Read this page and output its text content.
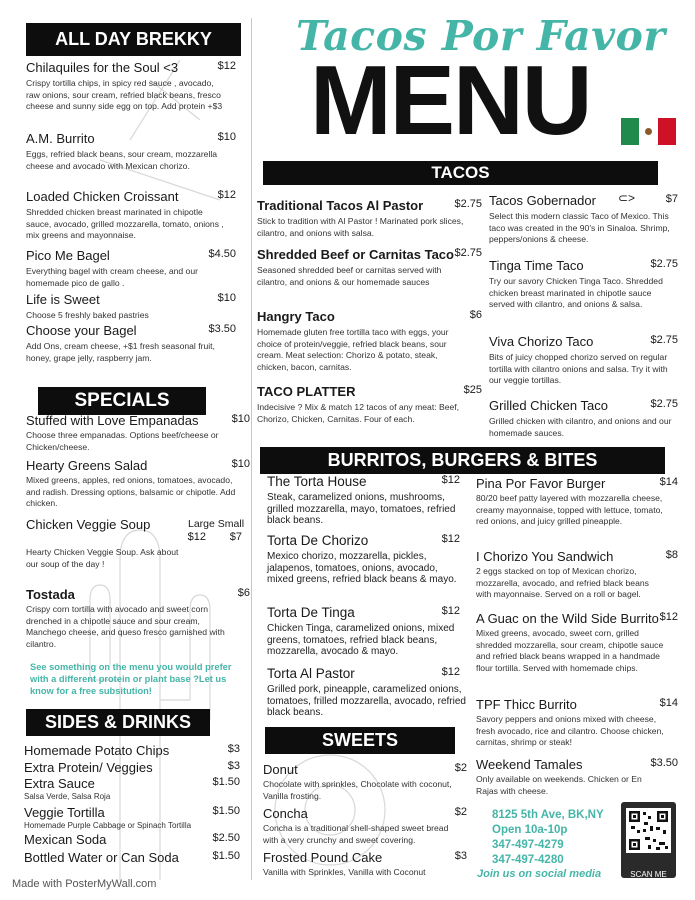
ALL DAY BREKKY
SPECIALS
See something on the menu you would prefer with a different protein or plant base ?Let us know for a free subsitution!
SIDES & DRINKS
Made with PosterMyWall.com
Tacos Por Favor
MENU
TACOS
BURRITOS, BURGERS & BITES
SWEETS
8125 5th Ave, BK,NY
Open 10a-10p
347-497-4279
347-497-4280
Join us on social media	SCAN ME
Chilaquiles for the Soul <3	$12
Crispy tortilla chips, in spicy red sauce , avocado, raw onions, sour cream, refried black beans, fresco cheese and sunny side egg on top. Add protein +$3
A.M. Burrito	$10
Eggs, refried black beans, sour cream, mozzarella cheese and avocado with Mexican chorizo.
Loaded Chicken Croissant	$12
Shredded chicken breast marinated in chipotle sauce, avocado, grilled mozzarella, tomato, onions , mix greens and mayonnaise.
Pico Me Bagel	$4.50
Everything bagel with cream cheese, and our homemade pico de gallo .
Life is Sweet	$10
Choose 5 freshly baked pastries
Choose your Bagel	$3.50
Add Ons, cream cheese, +$1 fresh seasonal fruit, honey, grape jelly, raspberry jam.
Stuffed with Love Empanadas	$10
Choose three empanadas. Options beef/cheese or Chicken/cheese.
Hearty Greens Salad	$10
Mixed greens, apples, red onions, tomatoes, avocado, and radish. Dressing options, balsamic or chipotle. Add chicken.
Chicken Veggie Soup
Hearty Chicken Veggie Soup. Ask about our soup of the day !
Tostada	$6
Crispy corn tortilla with avocado and sweet corn drenched in a chipotle sauce and sour cream, Manchego cheese, and queso fresco garnished with cilantro.
Large Small
$12	$7
Homemade Potato Chips	$3
Extra Protein/ Veggies	$3
Extra Sauce	$1.50
Salsa Verde, Salsa Roja
Veggie Tortilla	$1.50
Homemade Purple Cabbage or Spinach Tortilla
Mexican Soda	$2.50
Bottled Water or Can Soda	$1.50
Traditional Tacos Al Pastor	$2.75
Stick to tradition with Al Pastor ! Marinated pork slices, cilantro, and onions with salsa.
Shredded Beef or Carnitas Taco $2.75
Seasoned shredded beef or carnitas served with cilantro, and onions & our homemade sauces
Hangry Taco	$6
Homemade gluten free tortilla taco with eggs, your choice of protein/veggie, refried black beans, sour cream. Meat selection: Chorizo & potato, steak, chicken, bacon, carnitas.
TACO PLATTER	$25
Indecisive ? Mix & match 12 tacos of any meat: Beef, Chorizo, Chicken, Carnitas. Four of each.
Tacos Gobernador	$7
Select this modern classic Taco of Mexico. This taco was created in the 90's in Sinaloa. Shrimp, peppers/onions & cheese.
Tinga Time Taco	$2.75
Try our savory Chicken Tinga Taco. Shredded chicken breast marinated in chipotle sauce served with cilantro, and onions & salsa.
Viva Chorizo Taco	$2.75
Bits of juicy chopped chorizo served on regular tortilla with cilantro onions and salsa. Try it with our veggie tortillas.
Grilled Chicken Taco	$2.75
Grilled chicken with cilantro, and onions and our homemade sauces.
⊂>
The Torta House	$12
Steak, caramelized onions, mushrooms, grilled mozzarella, mayo, tomatoes, refried black beans.
Torta De Chorizo	$12
Mexico chorizo, mozzarella, pickles, jalapenos, tomatoes, onions, avocado, mixed greens, refried black beans & mayo.
Torta De Tinga	$12
Chicken Tinga, caramelized onions, mixed greens, tomatoes, refried black beans, mozzarella, avocado & mayo.
Torta Al Pastor	$12
Grilled pork, pineapple, caramelized onions, tomatoes, frilled mozzarella, avocado, refried black beans.
Pina Por Favor Burger	$14
80/20 beef patty layered with mozzarella cheese, creamy mayonnaise, topped with lettuce, tomato, red onions, and juicy grilled pineapple.
I Chorizo You Sandwich	$8
2 eggs stacked on top of Mexican chorizo, mozzarella, avocado, and refried black beans with mayonnaise. Served on a roll or bagel.
A Guac on the Wild Side Burrito $12
Mixed greens, avocado, sweet corn, grilled shredded mozzarella, sour cream, chipotle sauce and refried black beans wrapped in a handmade flour tortilla. Served with homemade chips.
TPF Thicc Burrito	$14
Savory peppers and onions mixed with cheese, fresh avocado, rice and cilantro. Choose chicken, carnitas, shrimp or steak!
Weekend Tamales	$3.50
Only available on weekends. Chicken or En Rajas with cheese.
Donut	$2
Chocolate with sprinkles, Chocolate with coconut, Vanilla frosting.
Concha	$2
Concha is a traditional shell-shaped sweet bread with a very crunchy and sweet covering.
Frosted Pound Cake	$3
Vanilla with Sprinkles, Vanilla with Coconut
